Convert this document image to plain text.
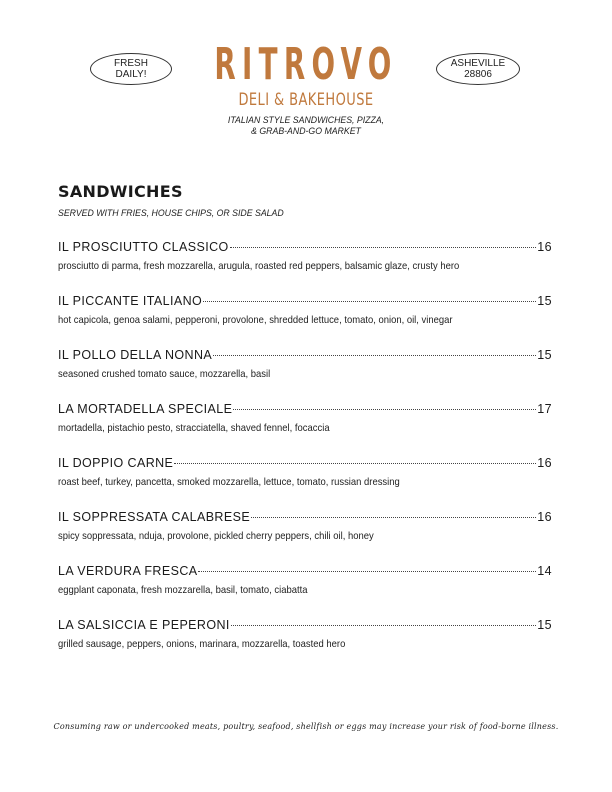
FRESH
DAILY!
ASHEVILLE
28806
RITROVO
DELI & BAKEHOUSE
ITALIAN STYLE SANDWICHES, PIZZA,
& GRAB-AND-GO MARKET
SANDWICHES
SERVED WITH FRIES, HOUSE CHIPS, OR SIDE SALAD
IL PROSCIUTTO CLASSICO	16
prosciutto di parma, fresh mozzarella, arugula, roasted red peppers, balsamic glaze, crusty hero
IL PICCANTE ITALIANO	15
hot capicola, genoa salami, pepperoni, provolone, shredded lettuce, tomato, onion, oil, vinegar
IL POLLO DELLA NONNA	15
seasoned crushed tomato sauce, mozzarella, basil
LA MORTADELLA SPECIALE	17
mortadella, pistachio pesto, stracciatella, shaved fennel, focaccia
IL DOPPIO CARNE	16
roast beef, turkey, pancetta, smoked mozzarella, lettuce, tomato, russian dressing
IL SOPPRESSATA CALABRESE	16
spicy soppressata, nduja, provolone, pickled cherry peppers, chili oil, honey
LA VERDURA FRESCA	14
eggplant caponata, fresh mozzarella, basil, tomato, ciabatta
LA SALSICCIA E PEPERONI	15
grilled sausage, peppers, onions, marinara, mozzarella, toasted hero
Consuming raw or undercooked meats, poultry, seafood, shellfish or eggs may increase your risk of food-borne illness.
